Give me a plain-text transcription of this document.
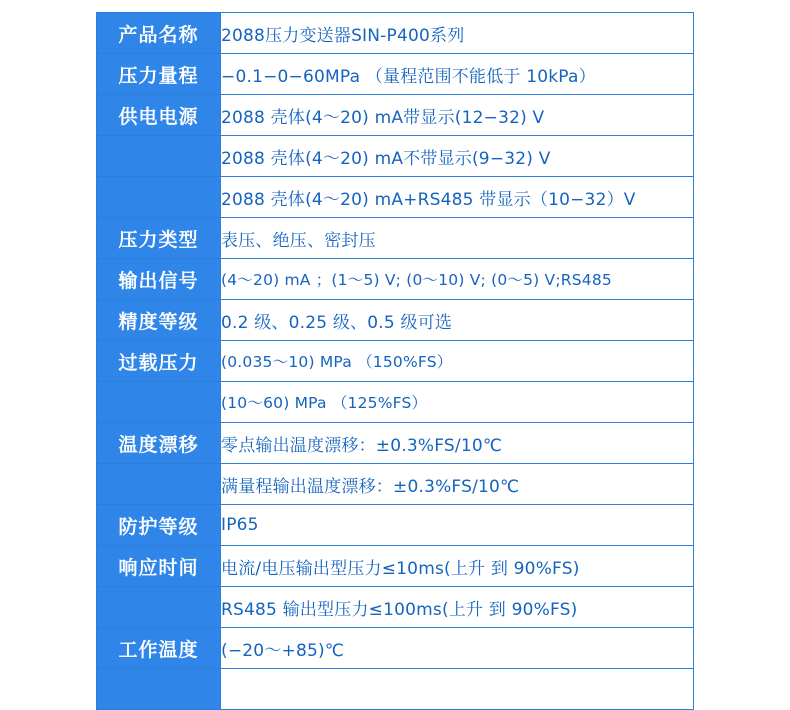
产品名称	2088压力变送器SIN-P400系列
压力量程	−0.1−0−60MPa （量程范围不能低于 10kPa）
供电电源	2088 壳体(4～20) mA带显示(12−32) V
	2088 壳体(4～20) mA不带显示(9−32) V
	2088 壳体(4～20) mA+RS485 带显示（10−32）V
压力类型	表压、绝压、密封压
输出信号	(4～20) mA ；(1～5) V; (0～10) V; (0～5) V;RS485
精度等级	0.2 级、0.25 级、0.5 级可选
过载压力	(0.035～10) MPa （150%FS）
	(10～60) MPa （125%FS）
温度漂移	零点输出温度漂移：±0.3%FS/10℃
	满量程输出温度漂移：±0.3%FS/10℃
防护等级	IP65
响应时间	电流/电压输出型压力≤10ms(上升 到 90%FS)
	RS485 输出型压力≤100ms(上升 到 90%FS)
工作温度	(−20～+85)℃
